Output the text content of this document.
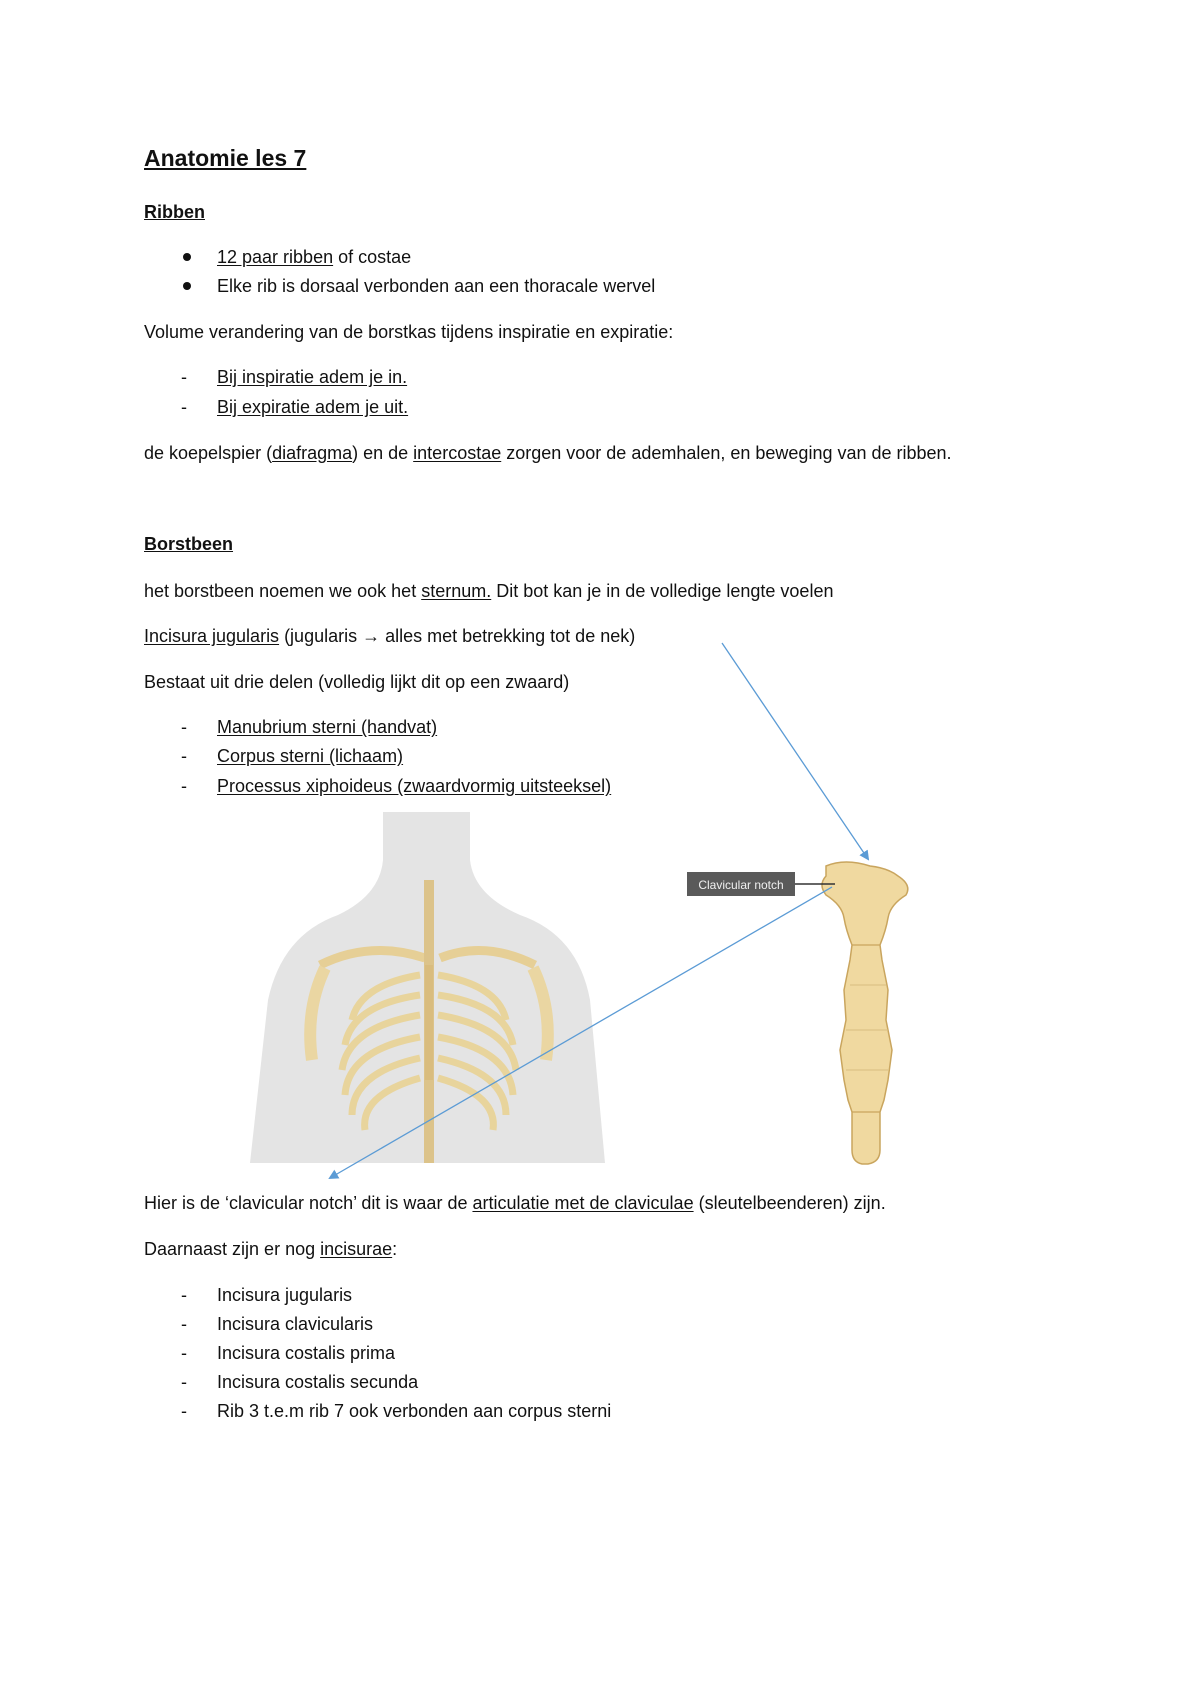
Anatomie les 7
Ribben
12 paar ribben of costae
Elke rib is dorsaal verbonden aan een thoracale wervel
Volume verandering van de borstkas tijdens inspiratie en expiratie:
- Bij inspiratie adem je in.
- Bij expiratie adem je uit.
de koepelspier (diafragma) en de intercostae zorgen voor de ademhalen, en beweging van de ribben.
Borstbeen
het borstbeen noemen we ook het sternum. Dit bot kan je in de volledige lengte voelen
Incisura jugularis (jugularis → alles met betrekking tot de nek)
Bestaat uit drie delen (volledig lijkt dit op een zwaard)
- Manubrium sterni (handvat)
- Corpus sterni (lichaam)
- Processus xiphoideus (zwaardvormig uitsteeksel)
Clavicular notch
Hier is de ‘clavicular notch’ dit is waar de articulatie met de claviculae (sleutelbeenderen) zijn.
Daarnaast zijn er nog incisurae:
- Incisura jugularis
- Incisura clavicularis
- Incisura costalis prima
- Incisura costalis secunda
- Rib 3 t.e.m rib 7 ook verbonden aan corpus sterni
